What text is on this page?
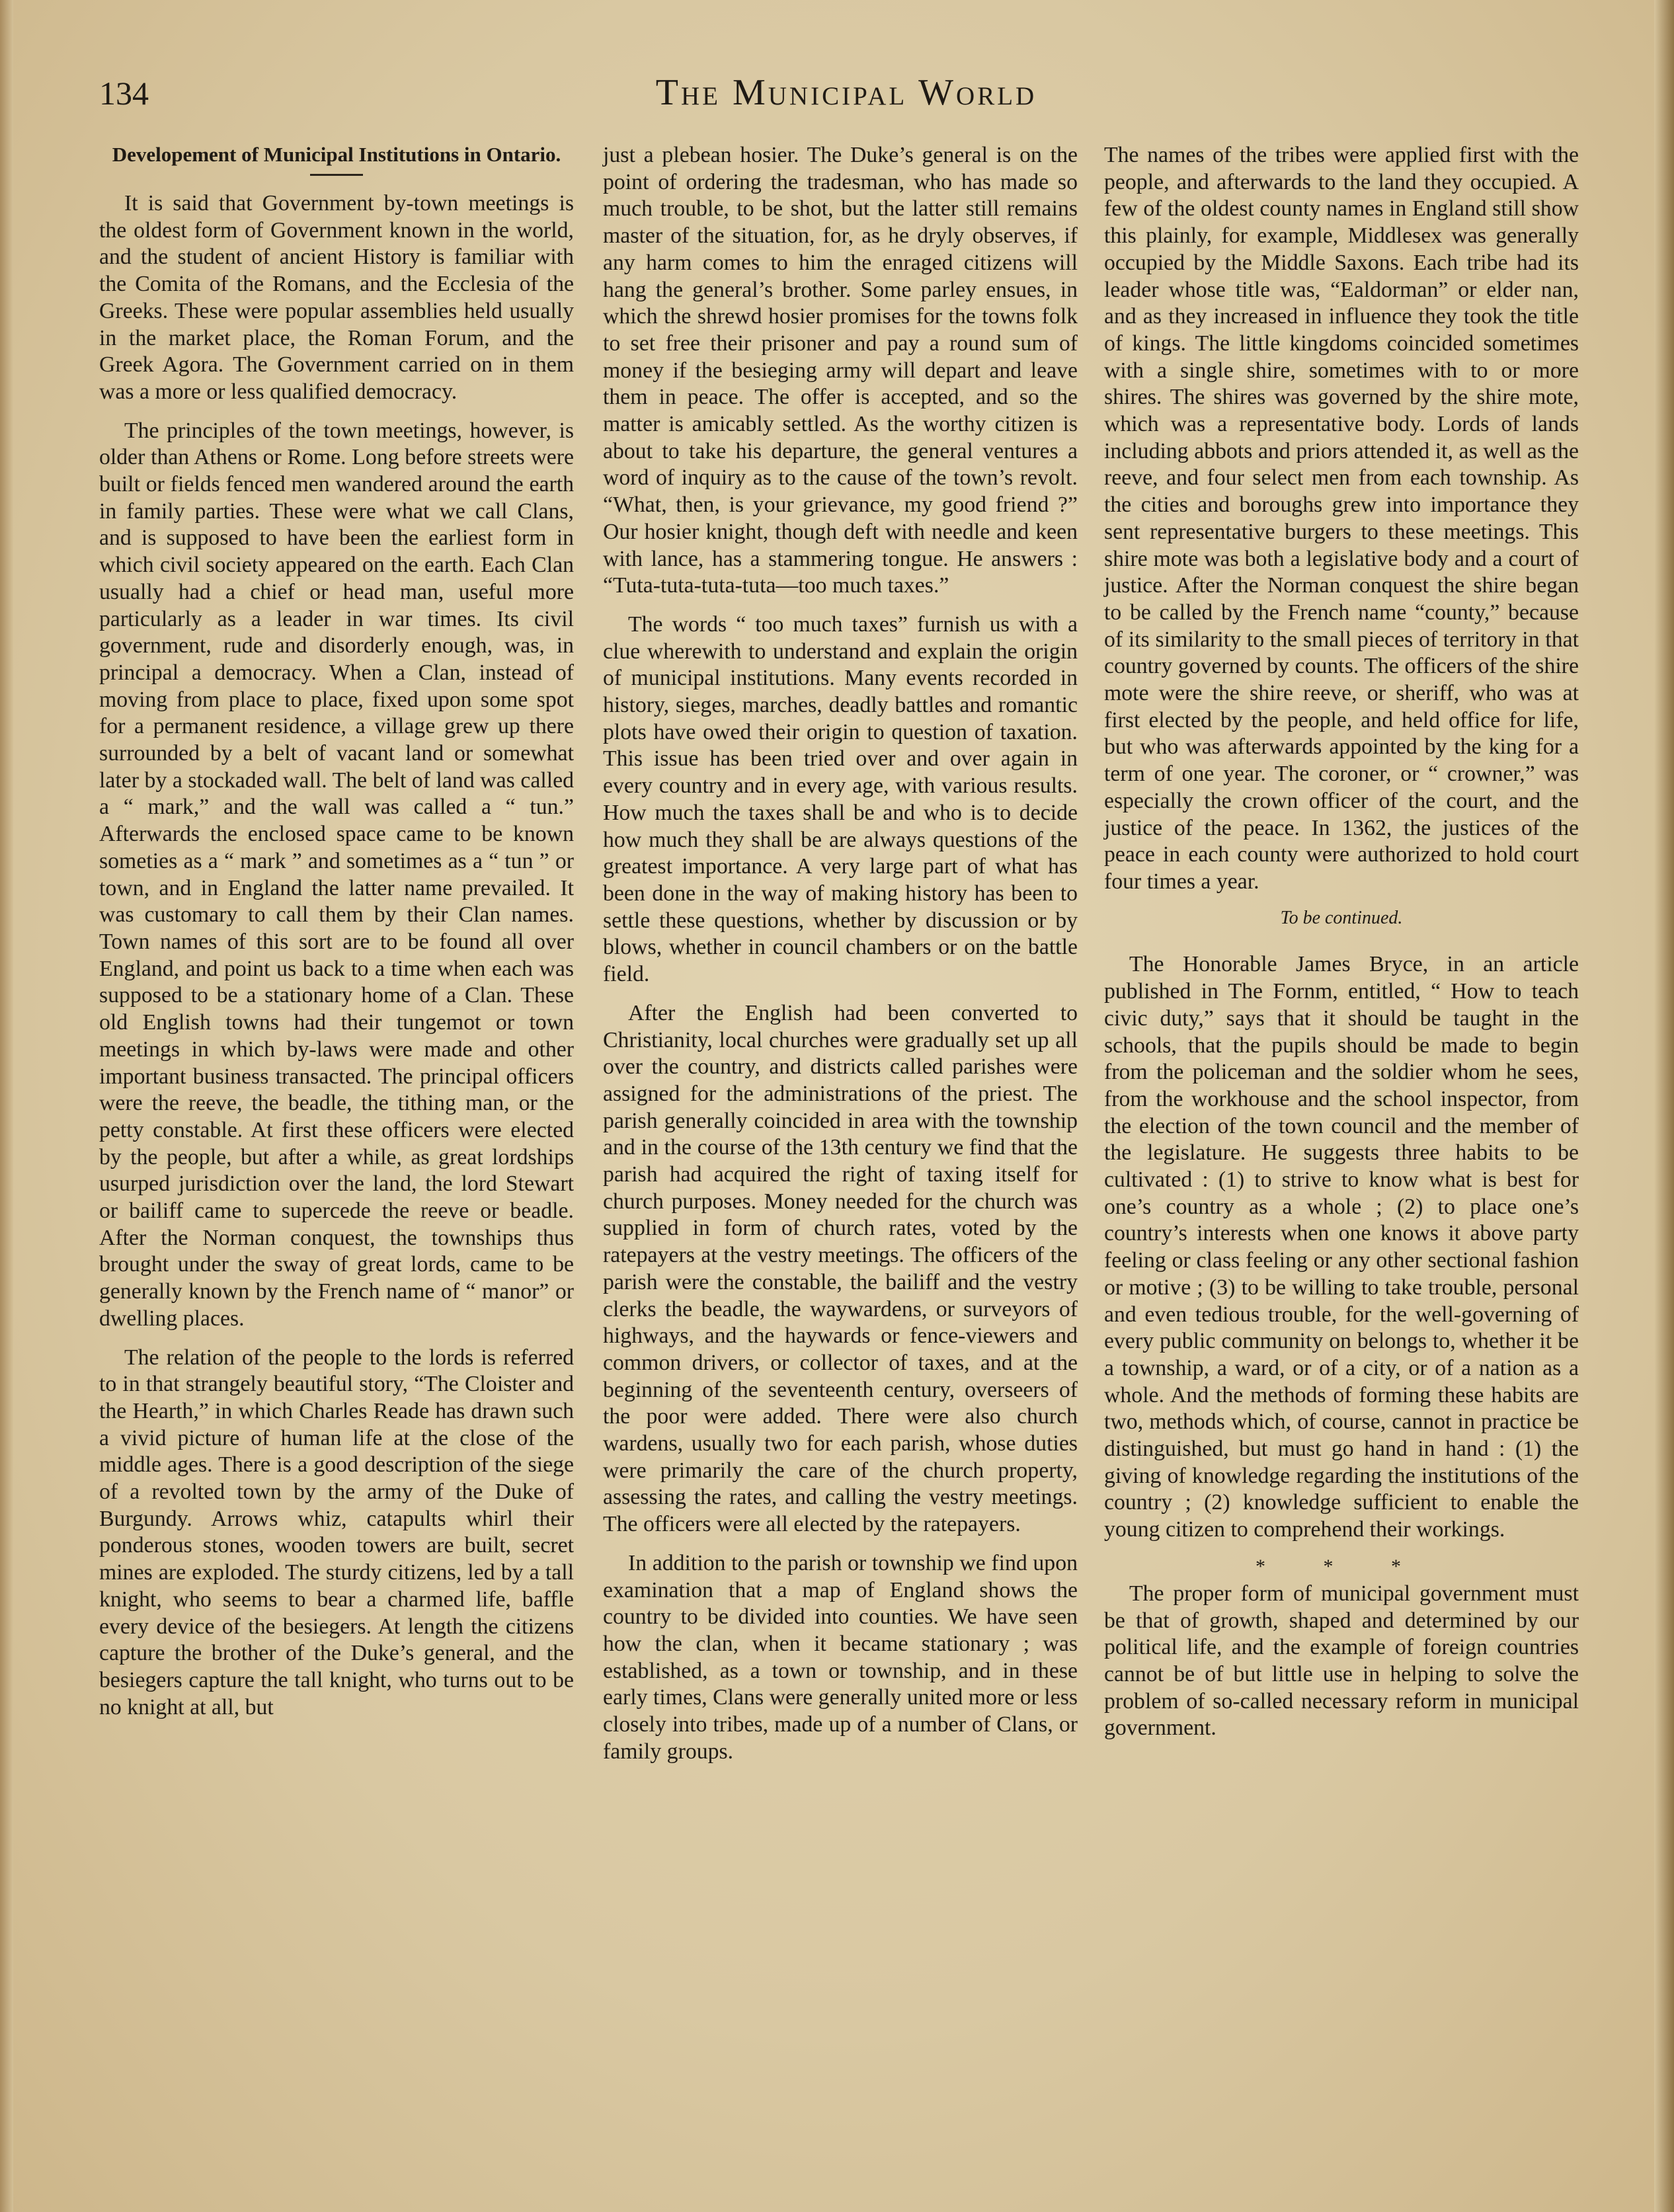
134	The Municipal World
Developement of Municipal Institutions in Ontario.

It is said that Government by-town meetings is the oldest form of Government known in the world, and the student of ancient History is familiar with the Comita of the Romans, and the Ecclesia of the Greeks. These were popular assemblies held usually in the market place, the Roman Forum, and the Greek Agora. The Government carried on in them was a more or less qualified democracy.

The principles of the town meetings, however, is older than Athens or Rome. Long before streets were built or fields fenced men wandered around the earth in family parties. These were what we call Clans, and is supposed to have been the earliest form in which civil society appeared on the earth. Each Clan usually had a chief or head man, useful more particularly as a leader in war times. Its civil government, rude and disorderly enough, was, in principal a democracy. When a Clan, instead of moving from place to place, fixed upon some spot for a permanent residence, a village grew up there surrounded by a belt of vacant land or somewhat later by a stockaded wall. The belt of land was called a “ mark,” and the wall was called a “ tun.” Afterwards the enclosed space came to be known someties as a “ mark ” and sometimes as a “ tun ” or town, and in England the latter name prevailed. It was customary to call them by their Clan names. Town names of this sort are to be found all over England, and point us back to a time when each was supposed to be a stationary home of a Clan. These old English towns had their tungemot or town meetings in which by-laws were made and other important business transacted. The principal officers were the reeve, the beadle, the tithing man, or the petty constable. At first these officers were elected by the people, but after a while, as great lordships usurped jurisdiction over the land, the lord Stewart or bailiff came to supercede the reeve or beadle. After the Norman conquest, the townships thus brought under the sway of great lords, came to be generally known by the French name of “ manor” or dwelling places.

The relation of the people to the lords is referred to in that strangely beautiful story, “The Cloister and the Hearth,” in which Charles Reade has drawn such a vivid picture of human life at the close of the middle ages. There is a good description of the siege of a revolted town by the army of the Duke of Burgundy. Arrows whiz, catapults whirl their ponderous stones, wooden towers are built, secret mines are exploded. The sturdy citizens, led by a tall knight, who seems to bear a charmed life, baffle every device of the besiegers. At length the citizens capture the brother of the Duke’s general, and the besiegers capture the tall knight, who turns out to be no knight at all, but

just a plebean hosier. The Duke’s general is on the point of ordering the tradesman, who has made so much trouble, to be shot, but the latter still remains master of the situation, for, as he dryly observes, if any harm comes to him the enraged citizens will hang the general’s brother. Some parley ensues, in which the shrewd hosier promises for the towns folk to set free their prisoner and pay a round sum of money if the besieging army will depart and leave them in peace. The offer is accepted, and so the matter is amicably settled. As the worthy citizen is about to take his departure, the general ventures a word of inquiry as to the cause of the town’s revolt. “What, then, is your grievance, my good friend ?” Our hosier knight, though deft with needle and keen with lance, has a stammering tongue. He answers : “Tuta-tuta-tuta-tuta—too much taxes.”

The words “ too much taxes” furnish us with a clue wherewith to understand and explain the origin of municipal institutions. Many events recorded in history, sieges, marches, deadly battles and romantic plots have owed their origin to question of taxation. This issue has been tried over and over again in every country and in every age, with various results. How much the taxes shall be and who is to decide how much they shall be are always questions of the greatest importance. A very large part of what has been done in the way of making history has been to settle these questions, whether by discussion or by blows, whether in council chambers or on the battle field.

After the English had been converted to Christianity, local churches were gradually set up all over the country, and districts called parishes were assigned for the administrations of the priest. The parish generally coincided in area with the township and in the course of the 13th century we find that the parish had acquired the right of taxing itself for church purposes. Money needed for the church was supplied in form of church rates, voted by the ratepayers at the vestry meetings. The officers of the parish were the constable, the bailiff and the vestry clerks the beadle, the waywardens, or surveyors of highways, and the haywards or fence-viewers and common drivers, or collector of taxes, and at the beginning of the seventeenth century, overseers of the poor were added. There were also church wardens, usually two for each parish, whose duties were primarily the care of the church property, assessing the rates, and calling the vestry meetings. The officers were all elected by the ratepayers.

In addition to the parish or township we find upon examination that a map of England shows the country to be divided into counties. We have seen how the clan, when it became stationary ; was established, as a town or township, and in these early times, Clans were generally united more or less closely into tribes, made up of a number of Clans, or family groups.

The names of the tribes were applied first with the people, and afterwards to the land they occupied. A few of the oldest county names in England still show this plainly, for example, Middlesex was generally occupied by the Middle Saxons. Each tribe had its leader whose title was, “Ealdorman” or elder nan, and as they increased in influence they took the title of kings. The little kingdoms coincided sometimes with a single shire, sometimes with to or more shires. The shires was governed by the shire mote, which was a representative body. Lords of lands including abbots and priors attended it, as well as the reeve, and four select men from each township. As the cities and boroughs grew into importance they sent representative burgers to these meetings. This shire mote was both a legislative body and a court of justice. After the Norman conquest the shire began to be called by the French name “county,” because of its similarity to the small pieces of territory in that country governed by counts. The officers of the shire mote were the shire reeve, or sheriff, who was at first elected by the people, and held office for life, but who was afterwards appointed by the king for a term of one year. The coroner, or “ crowner,” was especially the crown officer of the court, and the justice of the peace. In 1362, the justices of the peace in each county were authorized to hold court four times a year.

To be continued.

The Honorable James Bryce, in an article published in The Fornm, entitled, “ How to teach civic duty,” says that it should be taught in the schools, that the pupils should be made to begin from the policeman and the soldier whom he sees, from the workhouse and the school inspector, from the election of the town council and the member of the legislature. He suggests three habits to be cultivated : (1) to strive to know what is best for one’s country as a whole ; (2) to place one’s country’s interests when one knows it above party feeling or class feeling or any other sectional fashion or motive ; (3) to be willing to take trouble, personal and even tedious trouble, for the well-governing of every public community on belongs to, whether it be a township, a ward, or of a city, or of a nation as a whole. And the methods of forming these habits are two, methods which, of course, cannot in practice be distinguished, but must go hand in hand : (1) the giving of knowledge regarding the institutions of the country ; (2) knowledge sufficient to enable the young citizen to comprehend their workings.

* * *

The proper form of municipal government must be that of growth, shaped and determined by our political life, and the example of foreign countries cannot be of but little use in helping to solve the problem of so-called necessary reform in municipal government.
